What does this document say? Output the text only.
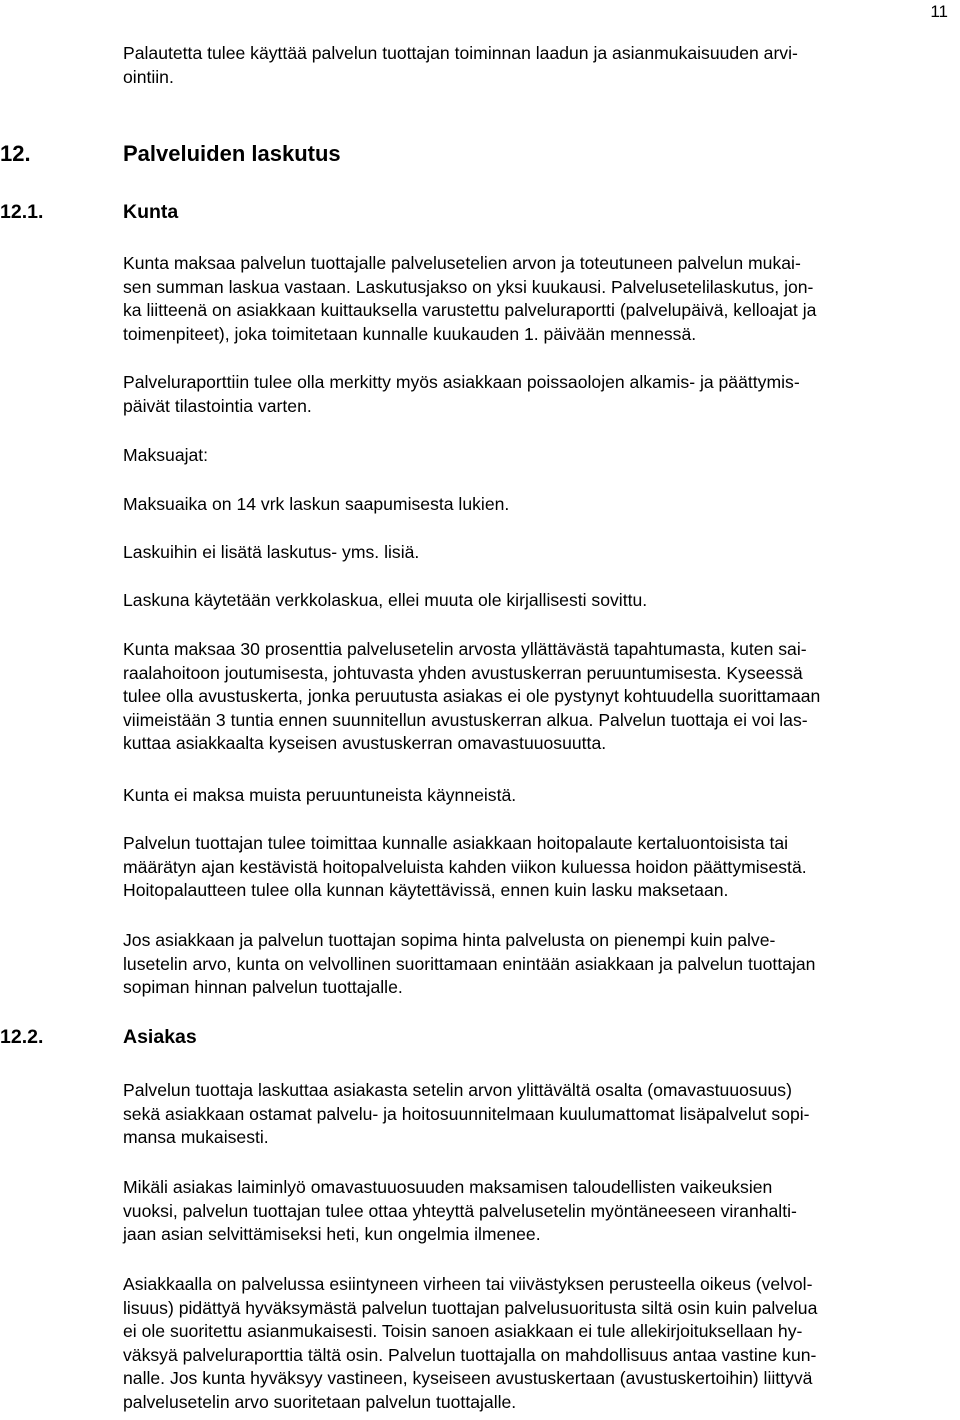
11

Palautetta tulee käyttää palvelun tuottajan toiminnan laadun ja asianmukaisuuden arvi-
ointiin.

12.	Palveluiden laskutus
12.1.	Kunta

Kunta maksaa palvelun tuottajalle palvelusetelien arvon ja toteutuneen palvelun mukai-
sen summan laskua vastaan. Laskutusjakso on yksi kuukausi. Palvelusetelilaskutus, jon-
ka liitteenä on asiakkaan kuittauksella varustettu palveluraportti (palvelupäivä, kelloajat ja
toimenpiteet), joka toimitetaan kunnalle kuukauden 1. päivään mennessä.

Palveluraporttiin tulee olla merkitty myös asiakkaan poissaolojen alkamis- ja päättymis-
päivät tilastointia varten.

Maksuajat:

Maksuaika on 14 vrk laskun saapumisesta lukien.

Laskuihin ei lisätä laskutus- yms. lisiä.

Laskuna käytetään verkkolaskua, ellei muuta ole kirjallisesti sovittu.

Kunta maksaa 30 prosenttia palvelusetelin arvosta yllättävästä tapahtumasta, kuten sai-
raalahoitoon joutumisesta, johtuvasta yhden avustuskerran peruuntumisesta. Kyseessä
tulee olla avustuskerta, jonka peruutusta asiakas ei ole pystynyt kohtuudella suorittamaan
viimeistään 3 tuntia ennen suunnitellun avustuskerran alkua. Palvelun tuottaja ei voi las-
kuttaa asiakkaalta kyseisen avustuskerran omavastuuosuutta.

Kunta ei maksa muista peruuntuneista käynneistä.

Palvelun tuottajan tulee toimittaa kunnalle asiakkaan hoitopalaute kertaluontoisista tai
määrätyn ajan kestävistä hoitopalveluista kahden viikon kuluessa hoidon päättymisestä.
Hoitopalautteen tulee olla kunnan käytettävissä, ennen kuin lasku maksetaan.

Jos asiakkaan ja palvelun tuottajan sopima hinta palvelusta on pienempi kuin palve-
lusetelin arvo, kunta on velvollinen suorittamaan enintään asiakkaan ja palvelun tuottajan
sopiman hinnan palvelun tuottajalle.

12.2.	Asiakas

Palvelun tuottaja laskuttaa asiakasta setelin arvon ylittävältä osalta (omavastuuosuus)
sekä asiakkaan ostamat palvelu- ja hoitosuunnitelmaan kuulumattomat lisäpalvelut sopi-
mansa mukaisesti.

Mikäli asiakas laiminlyö omavastuuosuuden maksamisen taloudellisten vaikeuksien
vuoksi, palvelun tuottajan tulee ottaa yhteyttä palvelusetelin myöntäneeseen viranhalti-
jaan asian selvittämiseksi heti, kun ongelmia ilmenee.

Asiakkaalla on palvelussa esiintyneen virheen tai viivästyksen perusteella oikeus (velvol-
lisuus) pidättyä hyväksymästä palvelun tuottajan palvelusuoritusta siltä osin kuin palvelua
ei ole suoritettu asianmukaisesti. Toisin sanoen asiakkaan ei tule allekirjoituksellaan hy-
väksyä palveluraporttia tältä osin. Palvelun tuottajalla on mahdollisuus antaa vastine kun-
nalle. Jos kunta hyväksyy vastineen, kyseiseen avustuskertaan (avustuskertoihin) liittyvä
palvelusetelin arvo suoritetaan palvelun tuottajalle.
